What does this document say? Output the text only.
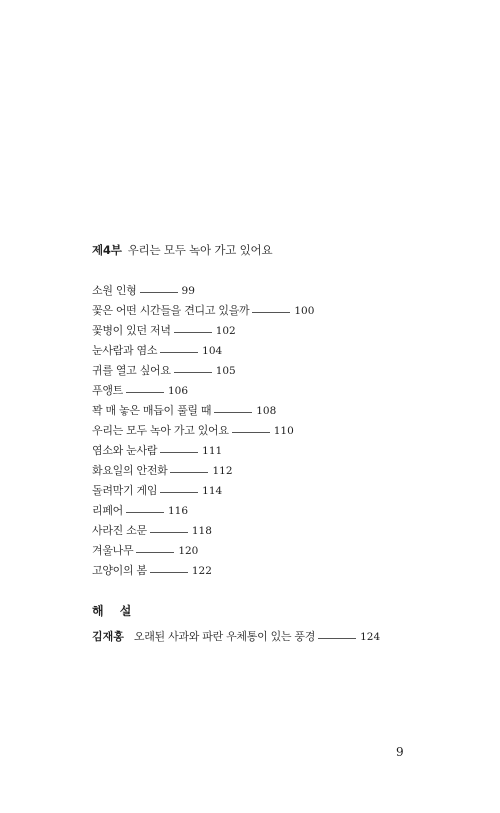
제4부 우리는 모두 녹아 가고 있어요
소원 인형	99
꽃은 어떤 시간들을 견디고 있을까	100
꽃병이 있던 저녁	102
눈사람과 염소	104
귀를 열고 싶어요	105
푸앵트	106
꽉 매 놓은 매듭이 풀릴 때	108
우리는 모두 녹아 가고 있어요	110
염소와 눈사람	111
화요일의 안전화	112
돌려막기 게임	114
리페어	116
사라진 소문	118
겨울나무	120
고양이의 봄	122
해 설
김재홍 오래된 사과와 파란 우체통이 있는 풍경	124
9
